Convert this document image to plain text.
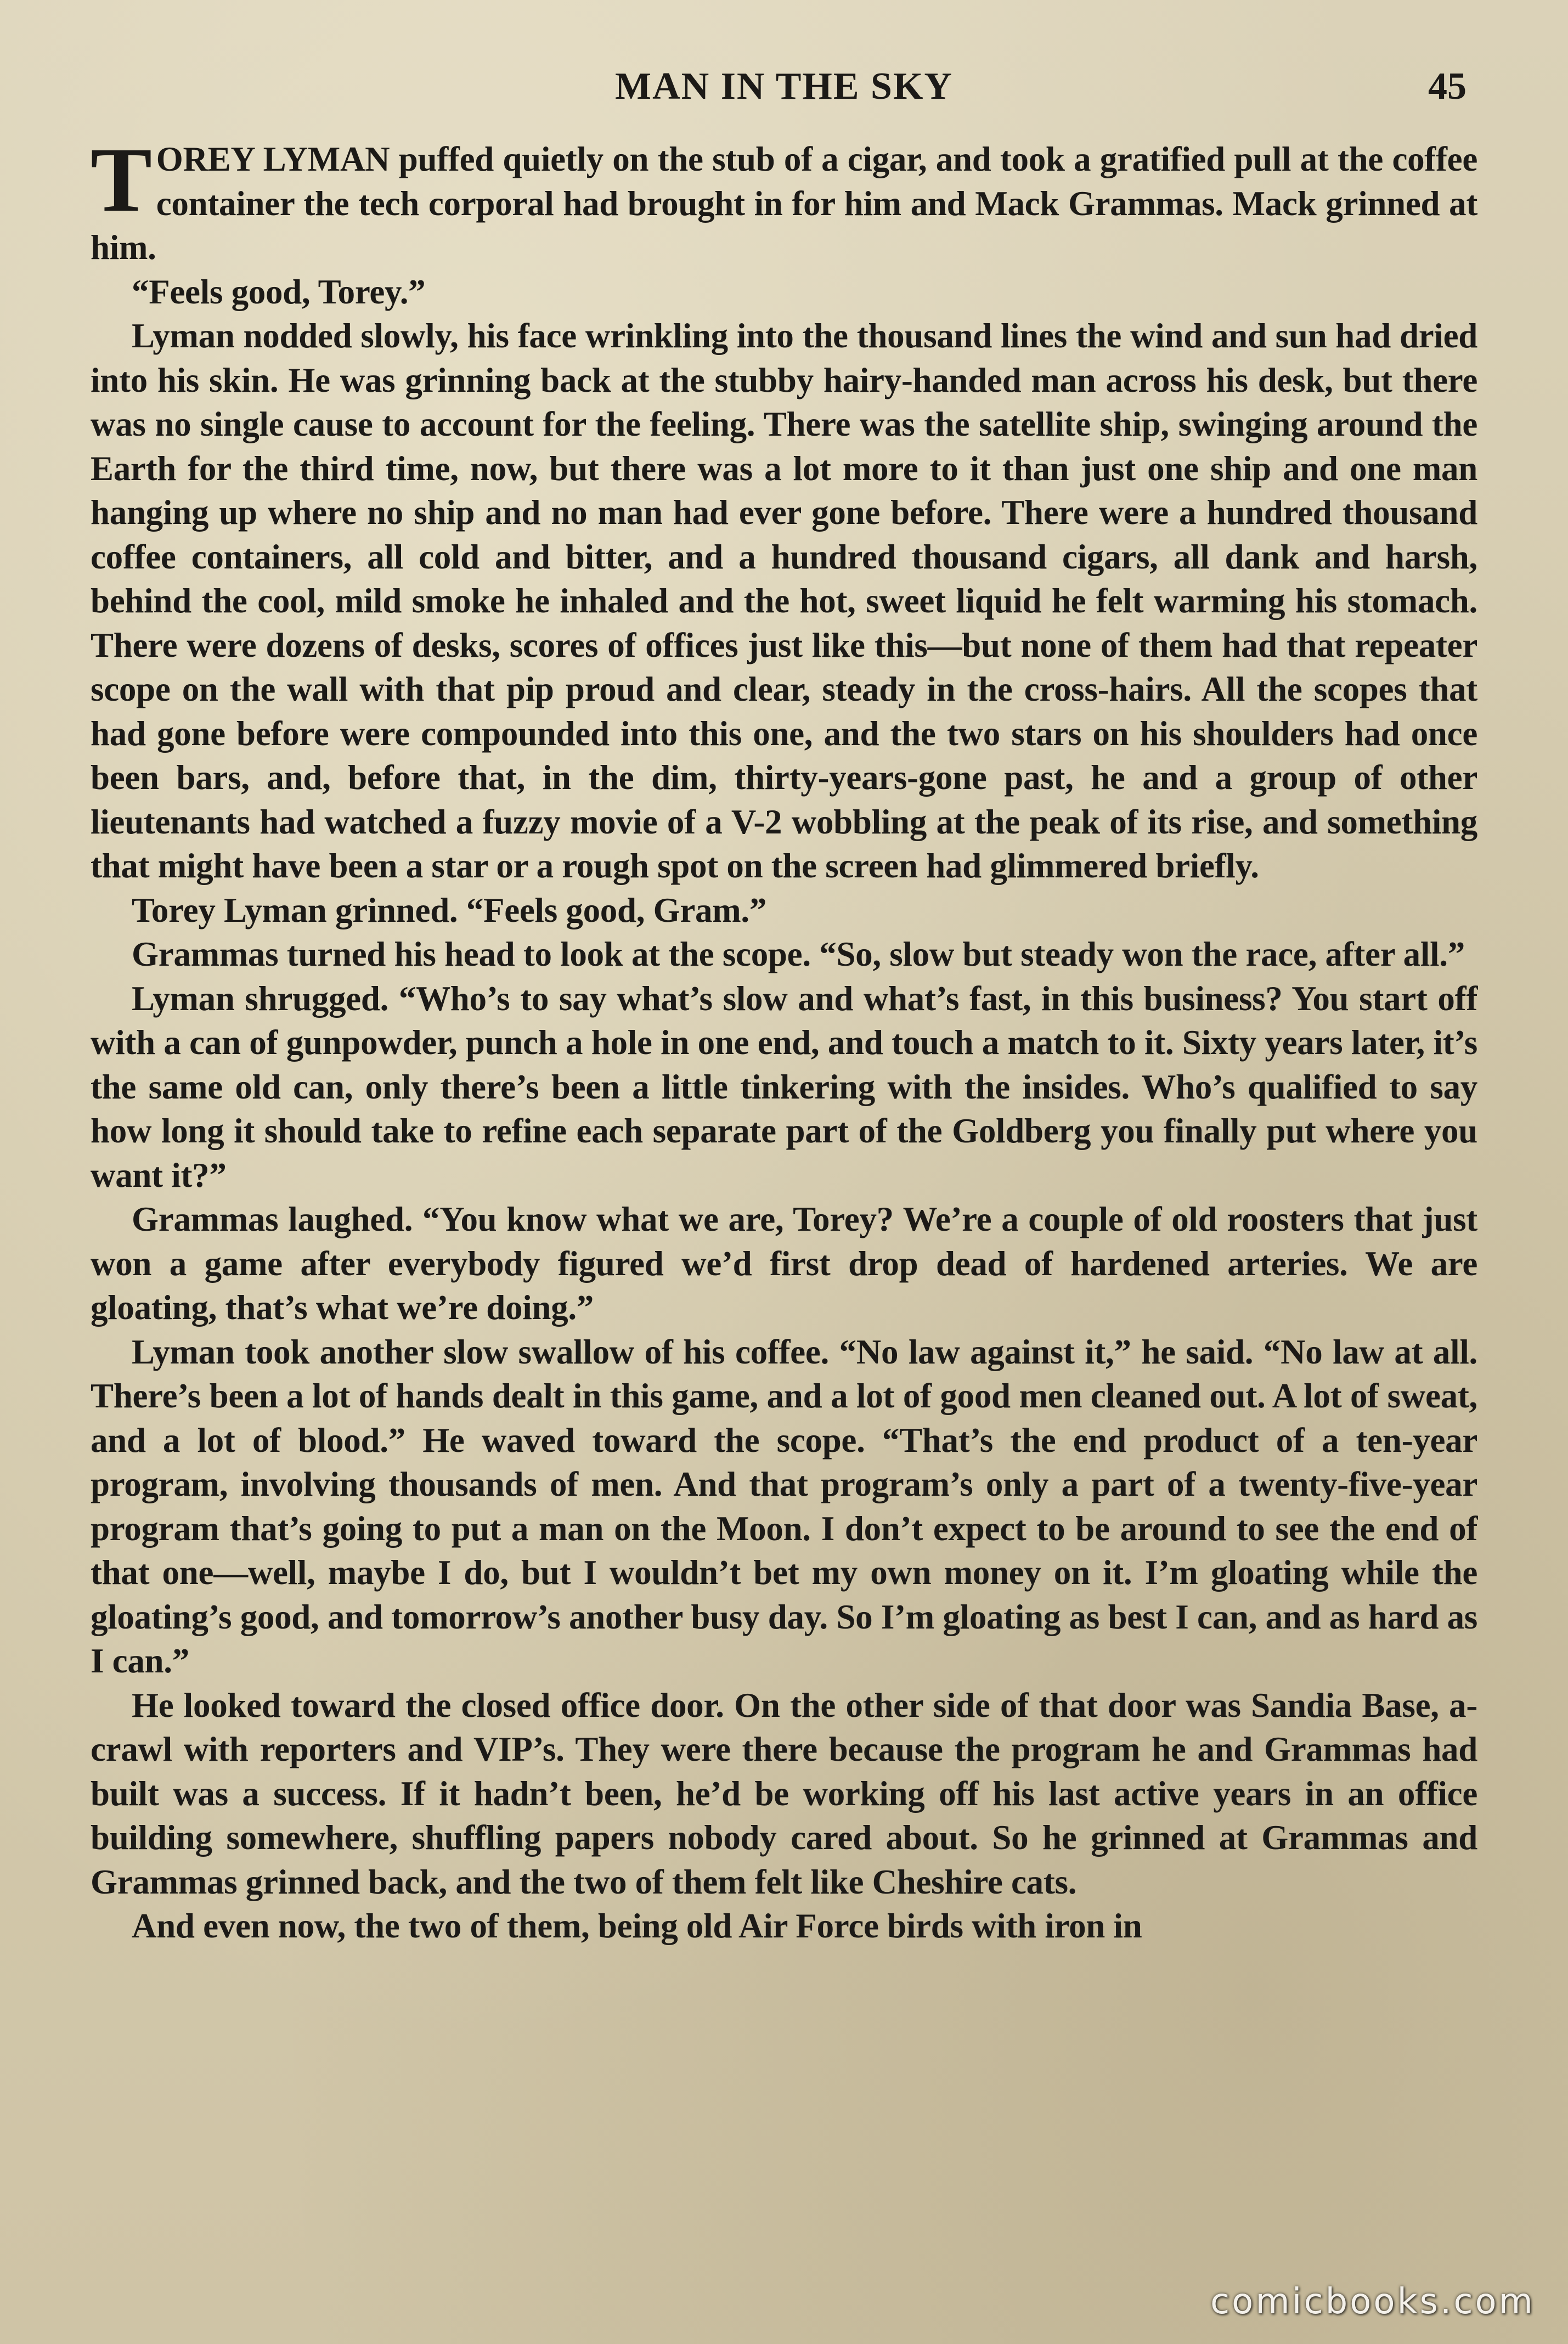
MAN IN THE SKY	45

TOREY LYMAN puffed quietly on the stub of a cigar, and took a gratified pull at the coffee container the tech corporal had brought in for him and Mack Grammas. Mack grinned at him.

“Feels good, Torey.”

Lyman nodded slowly, his face wrinkling into the thousand lines the wind and sun had dried into his skin. He was grinning back at the stubby hairy-handed man across his desk, but there was no single cause to account for the feeling. There was the satellite ship, swinging around the Earth for the third time, now, but there was a lot more to it than just one ship and one man hanging up where no ship and no man had ever gone before. There were a hundred thousand coffee containers, all cold and bitter, and a hundred thousand cigars, all dank and harsh, behind the cool, mild smoke he inhaled and the hot, sweet liquid he felt warming his stomach. There were dozens of desks, scores of offices just like this—but none of them had that repeater scope on the wall with that pip proud and clear, steady in the cross-hairs. All the scopes that had gone before were compounded into this one, and the two stars on his shoulders had once been bars, and, before that, in the dim, thirty-years-gone past, he and a group of other lieutenants had watched a fuzzy movie of a V-2 wobbling at the peak of its rise, and something that might have been a star or a rough spot on the screen had glimmered briefly.

Torey Lyman grinned. “Feels good, Gram.”

Grammas turned his head to look at the scope. “So, slow but steady won the race, after all.”

Lyman shrugged. “Who’s to say what’s slow and what’s fast, in this business? You start off with a can of gunpowder, punch a hole in one end, and touch a match to it. Sixty years later, it’s the same old can, only there’s been a little tinkering with the insides. Who’s qualified to say how long it should take to refine each separate part of the Goldberg you finally put where you want it?”

Grammas laughed. “You know what we are, Torey? We’re a couple of old roosters that just won a game after everybody figured we’d first drop dead of hardened arteries. We are gloating, that’s what we’re doing.”

Lyman took another slow swallow of his coffee. “No law against it,” he said. “No law at all. There’s been a lot of hands dealt in this game, and a lot of good men cleaned out. A lot of sweat, and a lot of blood.” He waved toward the scope. “That’s the end product of a ten-year program, involving thousands of men. And that program’s only a part of a twenty-five-year program that’s going to put a man on the Moon. I don’t expect to be around to see the end of that one—well, maybe I do, but I wouldn’t bet my own money on it. I’m gloating while the gloating’s good, and tomorrow’s another busy day. So I’m gloating as best I can, and as hard as I can.”

He looked toward the closed office door. On the other side of that door was Sandia Base, a-crawl with reporters and VIP’s. They were there because the program he and Grammas had built was a success. If it hadn’t been, he’d be working off his last active years in an office building somewhere, shuffling papers nobody cared about. So he grinned at Grammas and Grammas grinned back, and the two of them felt like Cheshire cats.

And even now, the two of them, being old Air Force birds with iron in

comicbooks.com
